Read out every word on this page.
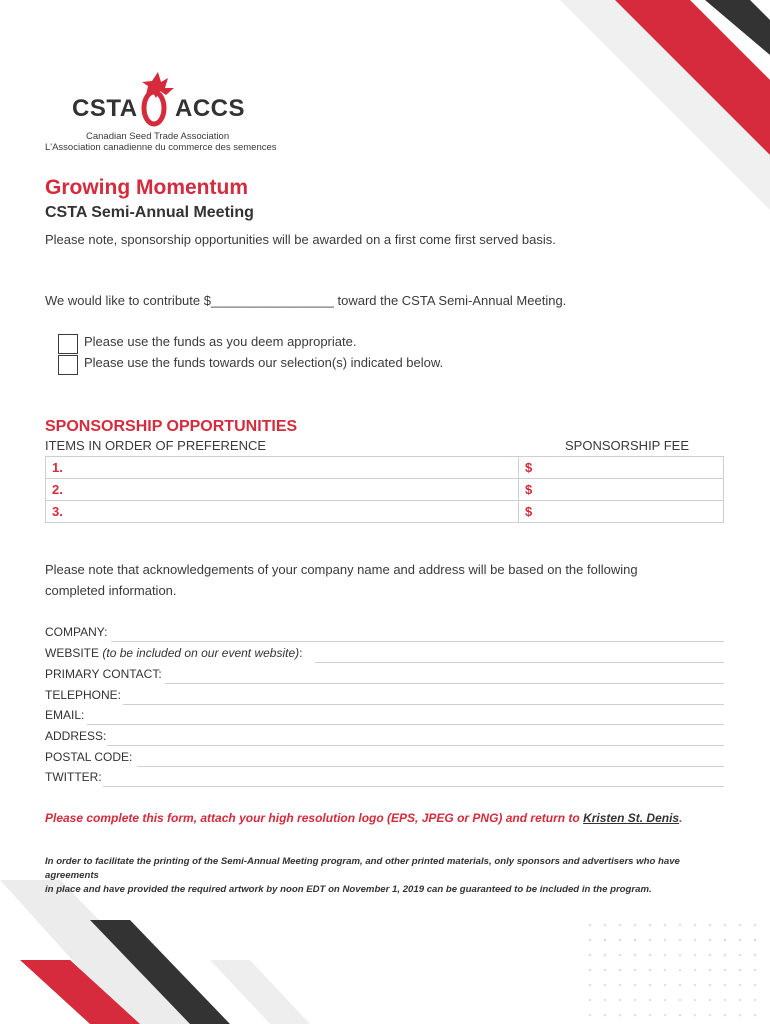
CSTA ACCS
Canadian Seed Trade Association
L'Association canadienne du commerce des semences
Growing Momentum
CSTA Semi-Annual Meeting
Please note, sponsorship opportunities will be awarded on a first come first served basis.
We would like to contribute $_________________ toward the CSTA Semi-Annual Meeting.
Please use the funds as you deem appropriate.
Please use the funds towards our selection(s) indicated below.
SPONSORSHIP OPPORTUNITIES
ITEMS IN ORDER OF PREFERENCE	SPONSORSHIP FEE
1.	$
2.	$
3.	$
Please note that acknowledgements of your company name and address will be based on the following
completed information.
COMPANY:
WEBSITE (to be included on our event website):
PRIMARY CONTACT:
TELEPHONE:
EMAIL:
ADDRESS:
POSTAL CODE:
TWITTER:
Please complete this form, attach your high resolution logo (EPS, JPEG or PNG) and return to Kristen St. Denis.
In order to facilitate the printing of the Semi-Annual Meeting program, and other printed materials, only sponsors and advertisers who have agreements
in place and have provided the required artwork by noon EDT on November 1, 2019 can be guaranteed to be included in the program.
